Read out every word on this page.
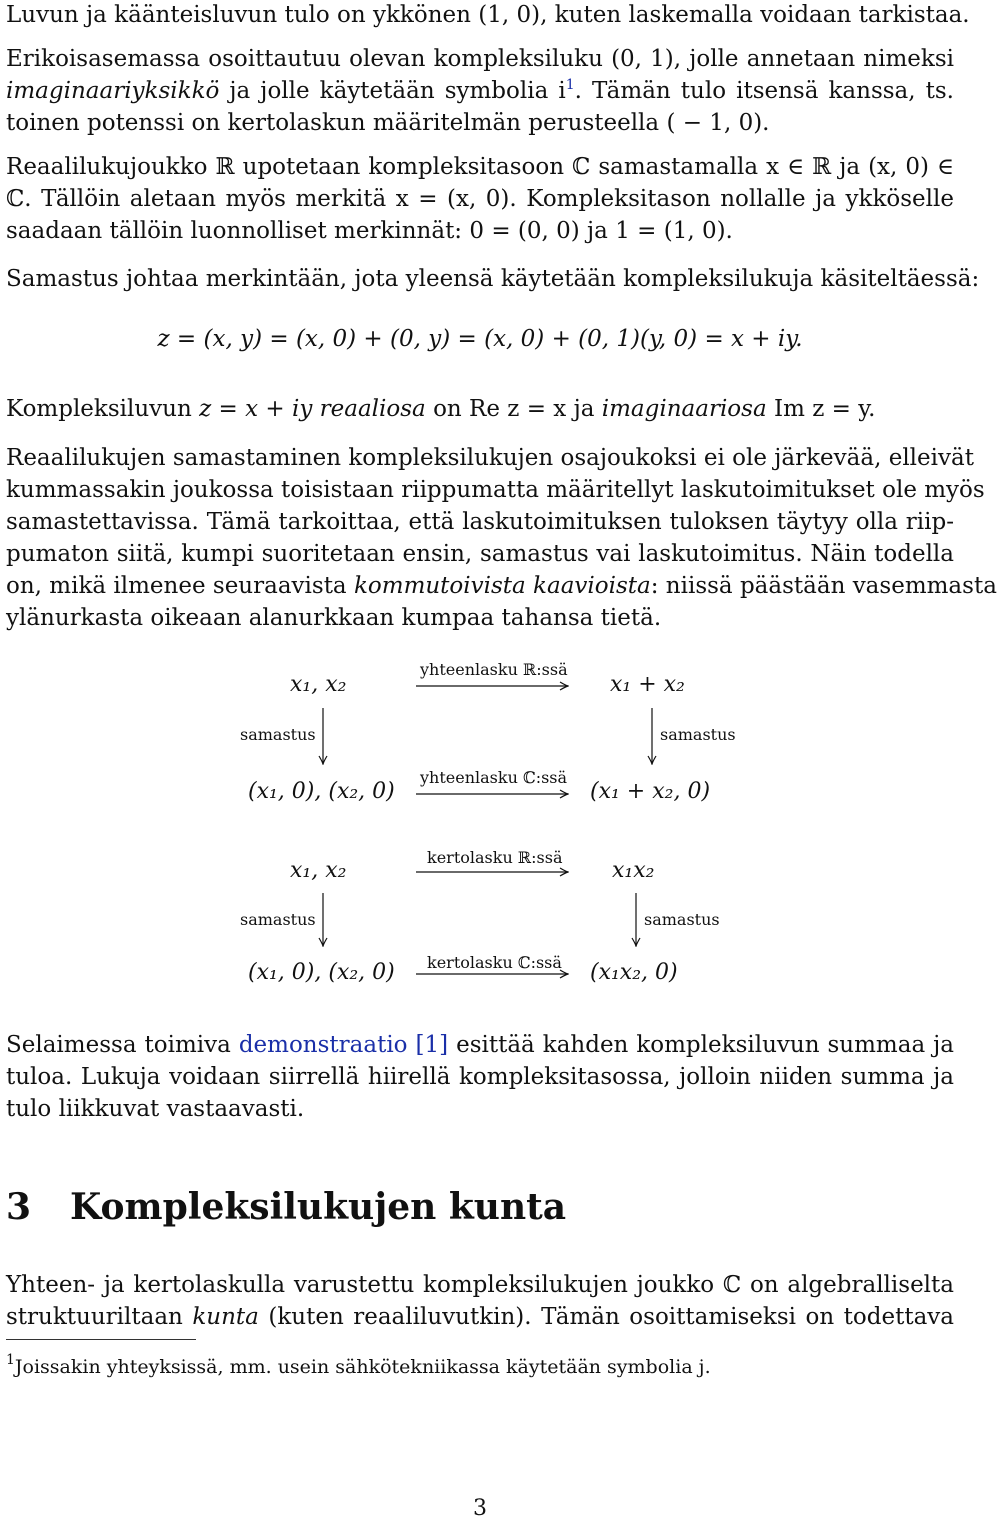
Luvun ja käänteisluvun tulo on ykkönen (1, 0), kuten laskemalla voidaan tarkistaa.
Erikoisasemassa osoittautuu olevan kompleksiluku (0, 1), jolle annetaan nimeksi
imaginaariyksikkö ja jolle käytetään symbolia $i^1$. Tämän tulo itsensä kanssa, ts.
toinen potenssi on kertolaskun määritelmän perusteella ( − 1, 0).
Reaalilukujoukko ℝ upotetaan kompleksitasoon ℂ samastamalla x ∈ ℝ ja (x, 0) ∈
ℂ. Tällöin aletaan myös merkitä x = (x, 0). Kompleksitason nollalle ja ykköselle
saadaan tällöin luonnolliset merkinnät: 0 = (0, 0) ja 1 = (1, 0).
Samastus johtaa merkintään, jota yleensä käytetään kompleksilukuja käsiteltäessä:
z = (x, y) = (x, 0) + (0, y) = (x, 0) + (0, 1)(y, 0) = x + iy.
Kompleksiluvun z = x + iy reaaliosa on Re z = x ja imaginaariosa Im z = y.
Reaalilukujen samastaminen kompleksilukujen osajoukoksi ei ole järkevää, elleivät
kummassakin joukossa toisistaan riippumatta määritellyt laskutoimitukset ole myös
samastettavissa. Tämä tarkoittaa, että laskutoimituksen tuloksen täytyy olla riip-
pumaton siitä, kumpi suoritetaan ensin, samastus vai laskutoimitus. Näin todella
on, mikä ilmenee seuraavista kommutoivista kaavioista: niissä päästään vasemmasta
ylänurkasta oikeaan alanurkkaan kumpaa tahansa tietä.
x₁, x₂	x₁ + x₂
(x₁, 0), (x₂, 0)	(x₁ + x₂, 0)
yhteenlasku ℝ:ssä
yhteenlasku ℂ:ssä
samastus	samastus
x₁, x₂	x₁x₂
(x₁, 0), (x₂, 0)	(x₁x₂, 0)
kertolasku ℝ:ssä
kertolasku ℂ:ssä
samastus	samastus
Selaimessa toimiva demonstraatio [1] esittää kahden kompleksiluvun summaa ja
tuloa. Lukuja voidaan siirrellä hiirellä kompleksitasossa, jolloin niiden summa ja
tulo liikkuvat vastaavasti.
3 Kompleksilukujen kunta
Yhteen- ja kertolaskulla varustettu kompleksilukujen joukko ℂ on algebralliselta
struktuuriltaan kunta (kuten reaaliluvutkin). Tämän osoittamiseksi on todettava
$^1$Joissakin yhteyksissä, mm. usein sähkötekniikassa käytetään symbolia j.
3
